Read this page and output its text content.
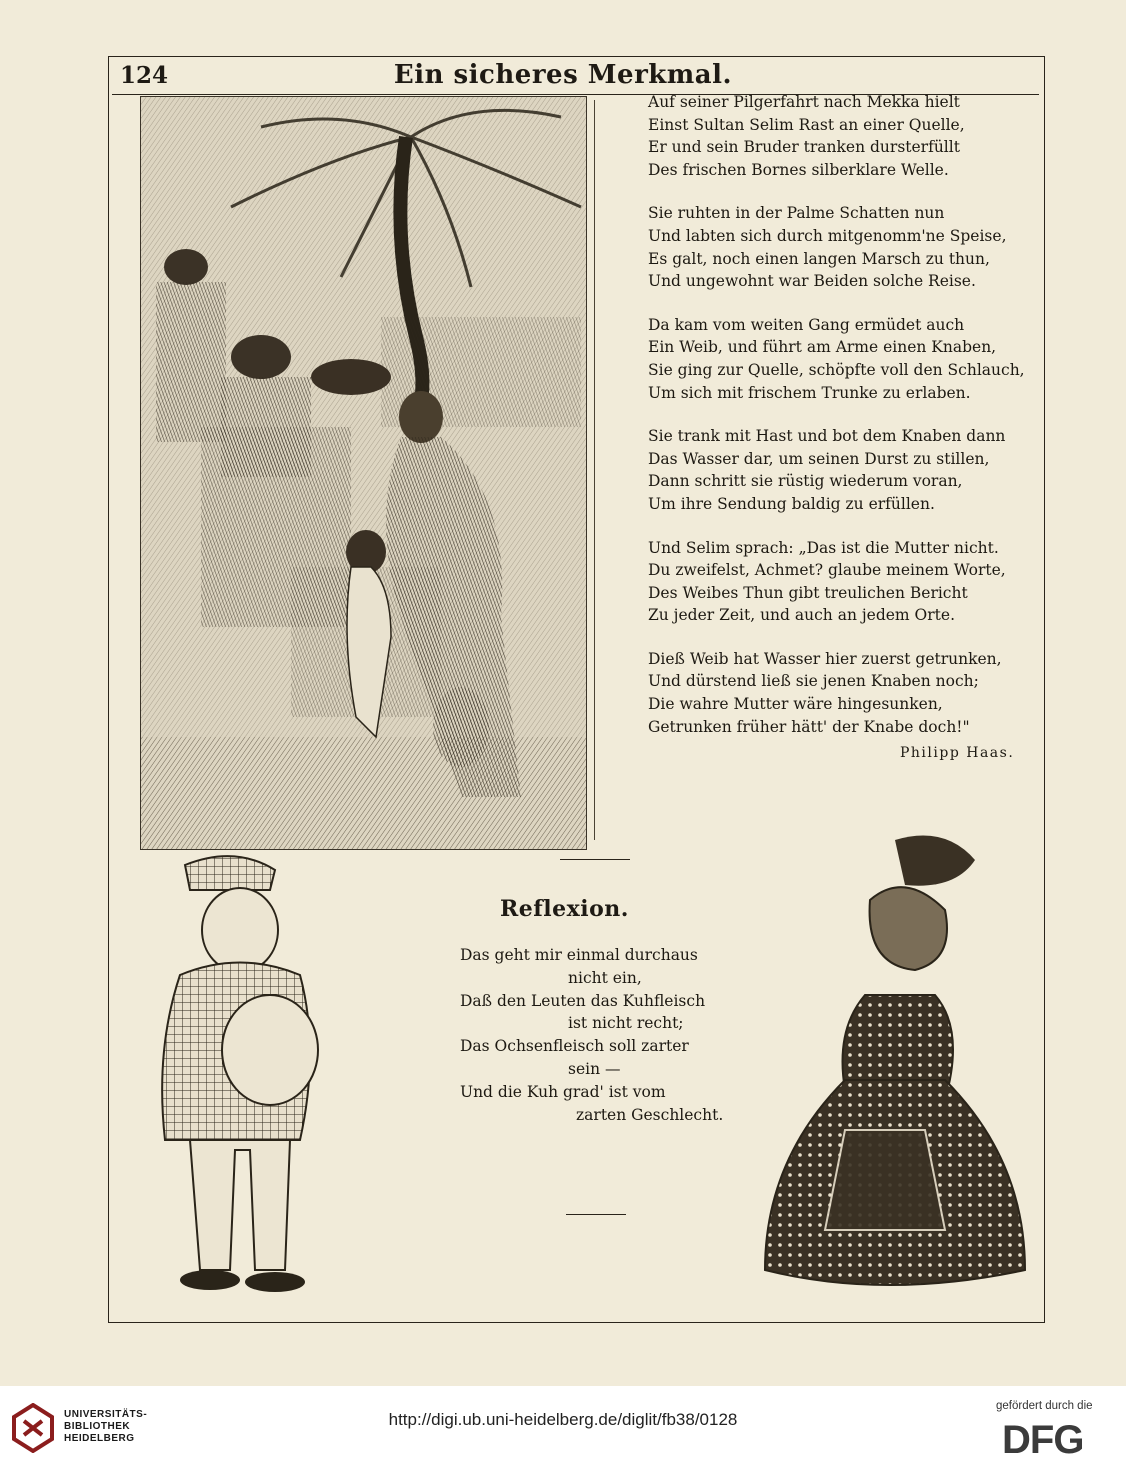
124	Ein sicheres Merkmal.
Auf seiner Pilgerfahrt nach Mekka hielt
Einst Sultan Selim Rast an einer Quelle,
Er und sein Bruder tranken dursterfüllt
Des frischen Bornes silberklare Welle.
Sie ruhten in der Palme Schatten nun
Und labten sich durch mitgenomm'ne Speise,
Es galt, noch einen langen Marsch zu thun,
Und ungewohnt war Beiden solche Reise.
Da kam vom weiten Gang ermüdet auch
Ein Weib, und führt am Arme einen Knaben,
Sie ging zur Quelle, schöpfte voll den Schlauch,
Um sich mit frischem Trunke zu erlaben.
Sie trank mit Hast und bot dem Knaben dann
Das Wasser dar, um seinen Durst zu stillen,
Dann schritt sie rüstig wiederum voran,
Um ihre Sendung baldig zu erfüllen.
Und Selim sprach: „Das ist die Mutter nicht.
Du zweifelst, Achmet? glaube meinem Worte,
Des Weibes Thun gibt treulichen Bericht
Zu jeder Zeit, und auch an jedem Orte.
Dieß Weib hat Wasser hier zuerst getrunken,
Und dürstend ließ sie jenen Knaben noch;
Die wahre Mutter wäre hingesunken,
Getrunken früher hätt' der Knabe doch!"
Philipp Haas.
Reflexion.
Das geht mir einmal durchaus
nicht ein,
Daß den Leuten das Kuhfleisch
ist nicht recht;
Das Ochsenfleisch soll zarter
sein —
Und die Kuh grad' ist vom
zarten Geschlecht.
UNIVERSITÄTS-
BIBLIOTHEK
HEIDELBERG
http://digi.ub.uni-heidelberg.de/diglit/fb38/0128
gefördert durch die
DFG
